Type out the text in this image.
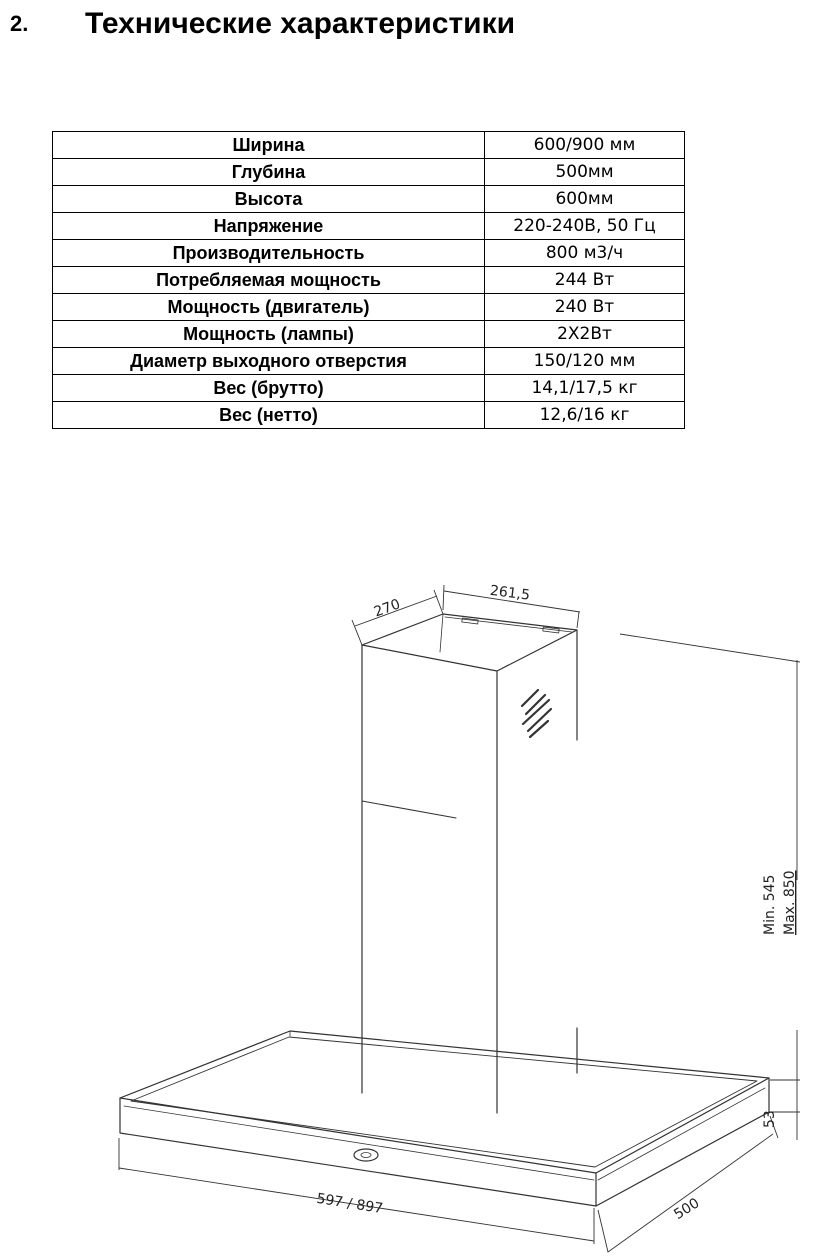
2.	Технические характеристики
Ширина	600/900 мм
Глубина	500мм
Высота	600мм
Напряжение	220-240В, 50 Гц
Производительность	800 м3/ч
Потребляемая мощность	244 Вт
Мощность (двигатель)	240 Вт
Мощность (лампы)	2X2Вт
Диаметр выходного отверстия	150/120 мм
Вес (брутто)	14,1/17,5 кг
Вес (нетто)	12,6/16 кг
270
261,5
Min. 545 Max. 850
53
597 / 897	500
